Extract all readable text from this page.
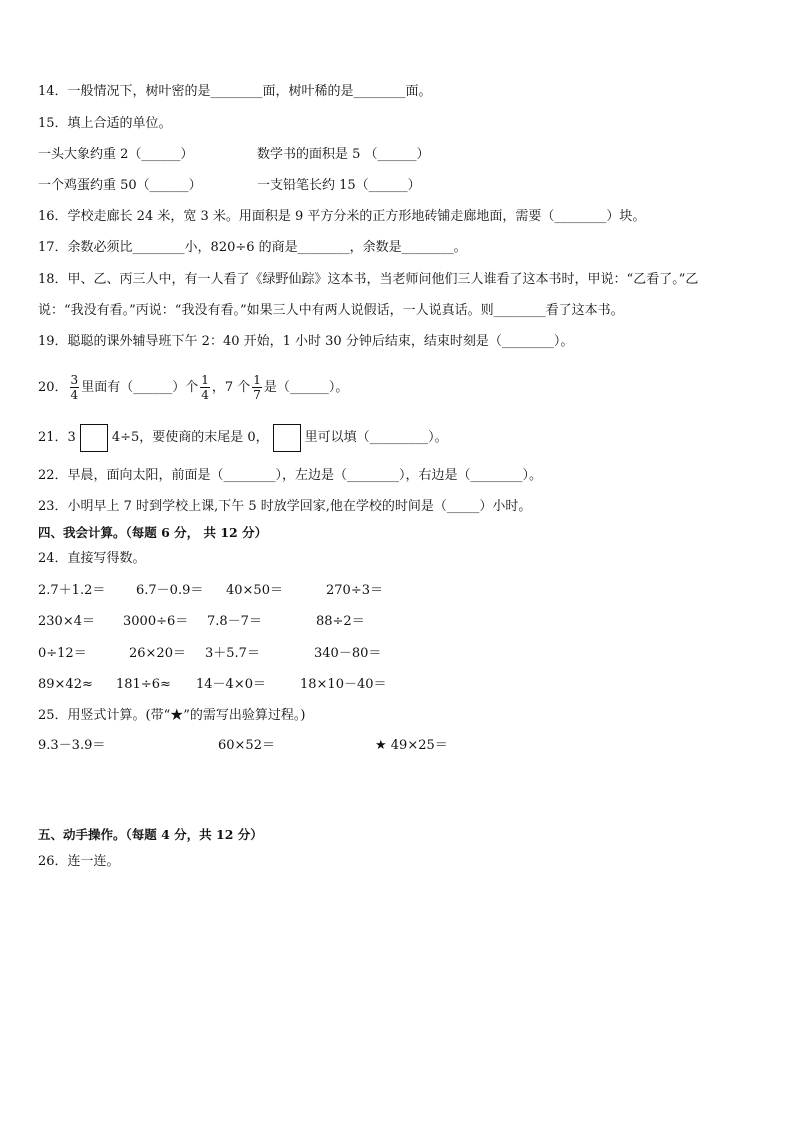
14．一般情况下，树叶密的是________面，树叶稀的是________面。
15．填上合适的单位。
一头大象约重 2（______）	数学书的面积是 5 （______）
一个鸡蛋约重 50（______）	一支铅笔长约 15（______）
16．学校走廊长 24 米，宽 3 米。用面积是 9 平方分米的正方形地砖铺走廊地面，需要（________）块。
17．余数必须比________小，820÷6 的商是________，余数是________。
18．甲、乙、丙三人中，有一人看了《绿野仙踪》这本书，当老师问他们三人谁看了这本书时，甲说：“乙看了。”乙
说：“我没有看。”丙说：“我没有看。”如果三人中有两人说假话，一人说真话。则________看了这本书。
19．聪聪的课外辅导班下午 2：40 开始，1 小时 30 分钟后结束，结束时刻是（________）。
20． $\frac{3}{4}$ 里面有（______）个 $\frac{1}{4}$ ，7 个 $\frac{1}{7}$ 是（______）。
21．3	4÷5，要使商的末尾是 0，	里可以填（_________）。
22．早晨，面向太阳，前面是（________），左边是（________），右边是（________）。
23．小明早上 7 时到学校上课,下午 5 时放学回家,他在学校的时间是（_____）小时。
四、我会计算。（每题 6 分， 共 12 分）
24．直接写得数。
2.7＋1.2＝ 6.7－0.9＝ 40×50＝	270÷3＝
230×4＝ 3000÷6＝ 7.8－7＝	88÷2＝
0÷12＝	26×20＝ 3＋5.7＝	340－80＝
89×42≈ 181÷6≈ 14－4×0＝	18×10－40＝
25．用竖式计算。(带“★”的需写出验算过程。)
9.3－3.9＝	60×52＝	★ 49×25＝
五、动手操作。（每题 4 分，共 12 分）
26．连一连。
